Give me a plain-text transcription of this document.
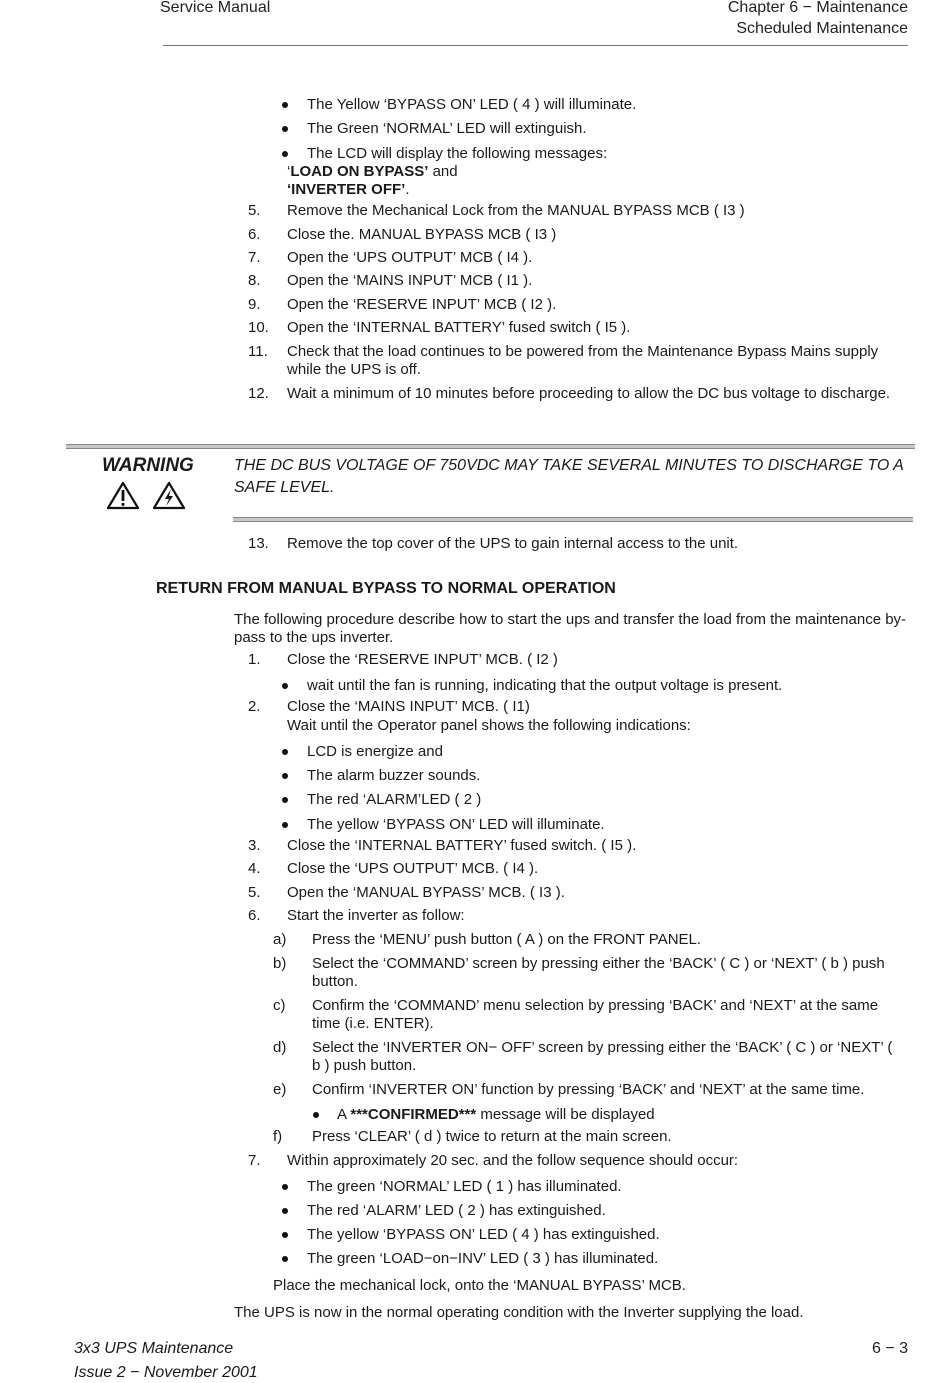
Service Manual	Chapter 6 − Maintenance
Scheduled Maintenance
The Yellow ‘BYPASS ON’ LED ( 4 ) will illuminate.
The Green ‘NORMAL’ LED will extinguish.
The LCD will display the following messages:
‘LOAD ON BYPASS’ and
‘INVERTER OFF’.
5. Remove the Mechanical Lock from the MANUAL BYPASS MCB ( I3 )
6. Close the. MANUAL BYPASS MCB ( I3 )
7. Open the ‘UPS OUTPUT’ MCB ( I4 ).
8. Open the ‘MAINS INPUT’ MCB ( I1 ).
9. Open the ‘RESERVE INPUT’ MCB ( I2 ).
10. Open the ‘INTERNAL BATTERY’ fused switch ( I5 ).
11. Check that the load continues to be powered from the Maintenance Bypass Mains supply
while the UPS is off.
12. Wait a minimum of 10 minutes before proceeding to allow the DC bus voltage to discharge.
WARNING	THE DC BUS VOLTAGE OF 750VDC MAY TAKE SEVERAL MINUTES TO DISCHARGE TO A SAFE LEVEL.
13. Remove the top cover of the UPS to gain internal access to the unit.
RETURN FROM MANUAL BYPASS TO NORMAL OPERATION
The following procedure describe how to start the ups and transfer the load from the maintenance by-
pass to the ups inverter.
1. Close the ‘RESERVE INPUT’ MCB. ( I2 )
wait until the fan is running, indicating that the output voltage is present.
2. Close the ‘MAINS INPUT’ MCB. ( I1)
Wait until the Operator panel shows the following indications:
LCD is energize and
The alarm buzzer sounds.
The red ‘ALARM’LED ( 2 )
The yellow ‘BYPASS ON’ LED will illuminate.
3. Close the ‘INTERNAL BATTERY’ fused switch. ( I5 ).
4. Close the ‘UPS OUTPUT’ MCB. ( I4 ).
5. Open the ‘MANUAL BYPASS’ MCB. ( I3 ).
6. Start the inverter as follow:
a) Press the ‘MENU’ push button ( A ) on the FRONT PANEL.
b) Select the ‘COMMAND’ screen by pressing either the ‘BACK’ ( C ) or ‘NEXT’ ( b ) push
button.
c) Confirm the ‘COMMAND’ menu selection by pressing ‘BACK’ and ‘NEXT’ at the same
time (i.e. ENTER).
d) Select the ‘INVERTER ON− OFF’ screen by pressing either the ‘BACK’ ( C ) or ‘NEXT’ (
b ) push button.
e) Confirm ‘INVERTER ON’ function by pressing ‘BACK’ and ‘NEXT’ at the same time.
A ***CONFIRMED*** message will be displayed
f) Press ‘CLEAR’ ( d ) twice to return at the main screen.
7. Within approximately 20 sec. and the follow sequence should occur:
The green ‘NORMAL’ LED ( 1 ) has illuminated.
The red ‘ALARM’ LED ( 2 ) has extinguished.
The yellow ‘BYPASS ON’ LED ( 4 ) has extinguished.
The green ‘LOAD−on−INV’ LED ( 3 ) has illuminated.
Place the mechanical lock, onto the ‘MANUAL BYPASS’ MCB.
The UPS is now in the normal operating condition with the Inverter supplying the load.
3x3 UPS Maintenance
Issue 2 − November 2001
6 − 3
